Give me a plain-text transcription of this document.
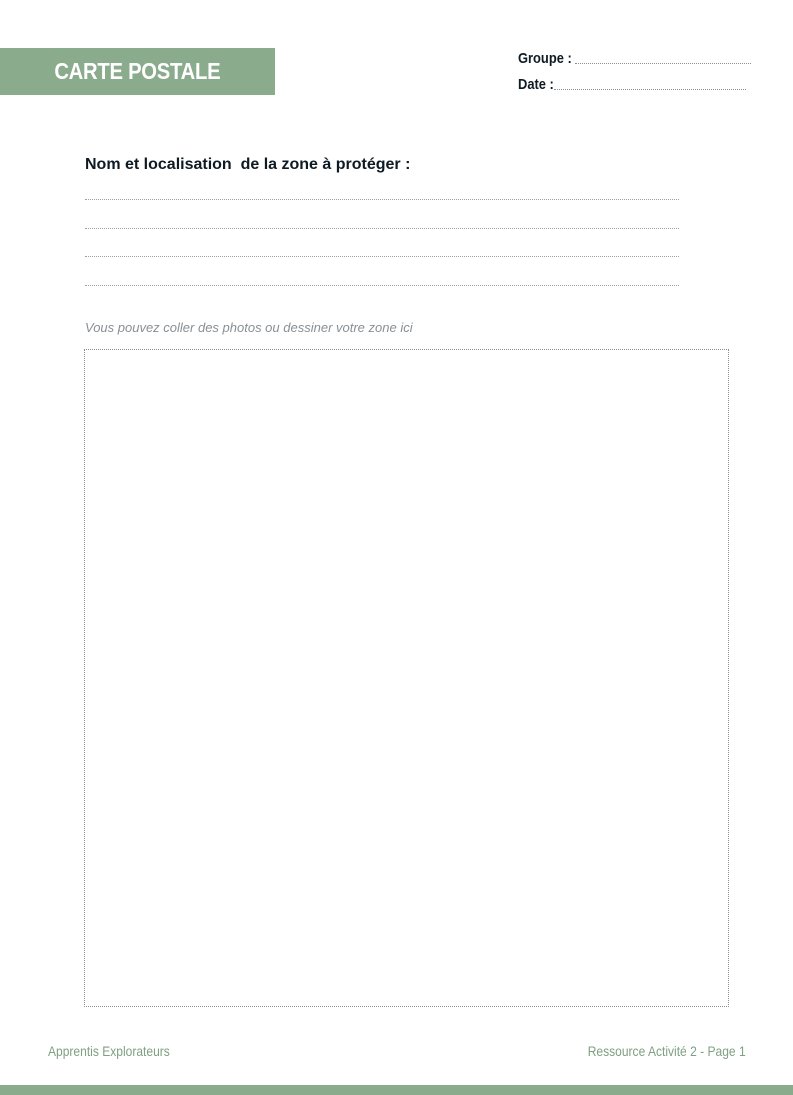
CARTE POSTALE	Groupe :
Date :

Nom et localisation  de la zone à protéger :

Vous pouvez coller des photos ou dessiner votre zone ici

Apprentis Explorateurs	Ressource Activité 2 - Page 1
